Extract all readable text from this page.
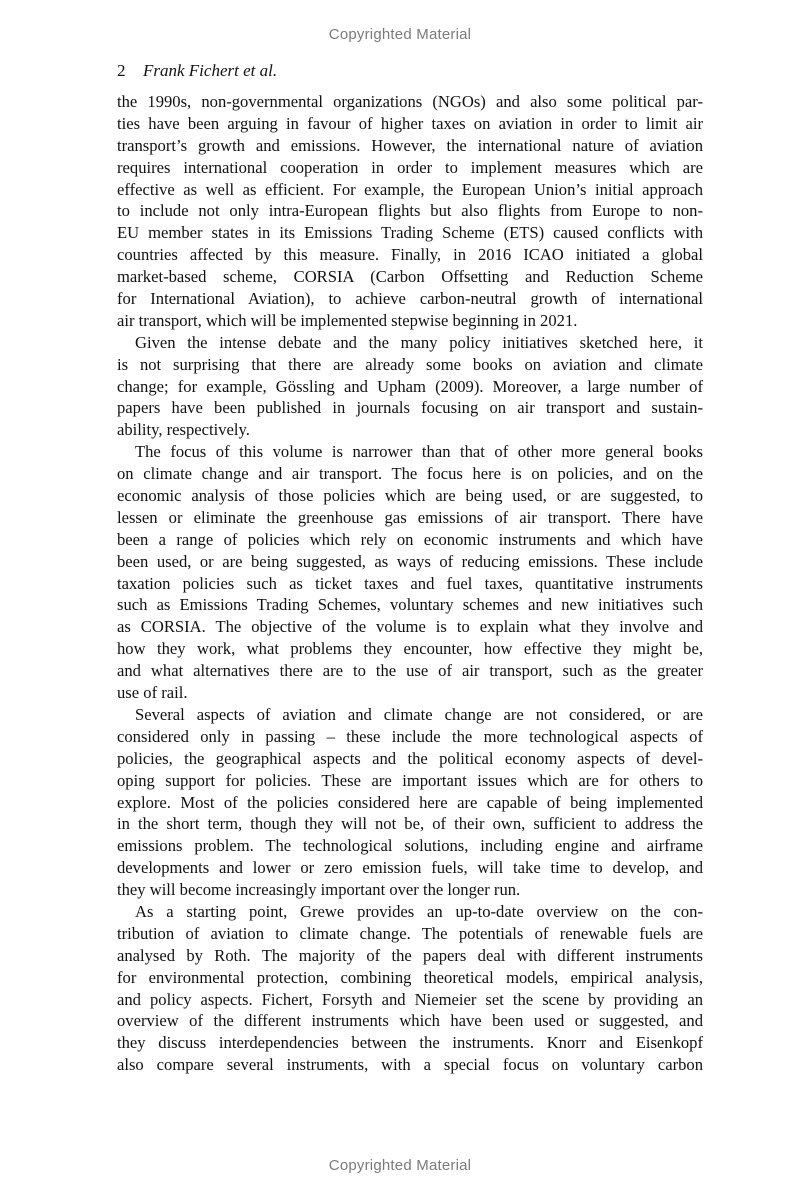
Copyrighted Material
2 Frank Fichert et al.
the 1990s, non-governmental organizations (NGOs) and also some political par-
ties have been arguing in favour of higher taxes on aviation in order to limit air
transport’s growth and emissions. However, the international nature of aviation
requires international cooperation in order to implement measures which are
effective as well as efficient. For example, the European Union’s initial approach
to include not only intra-European flights but also flights from Europe to non-
EU member states in its Emissions Trading Scheme (ETS) caused conflicts with
countries affected by this measure. Finally, in 2016 ICAO initiated a global
market-based scheme, CORSIA (Carbon Offsetting and Reduction Scheme
for International Aviation), to achieve carbon-neutral growth of international
air transport, which will be implemented stepwise beginning in 2021.
Given the intense debate and the many policy initiatives sketched here, it
is not surprising that there are already some books on aviation and climate
change; for example, Gössling and Upham (2009). Moreover, a large number of
papers have been published in journals focusing on air transport and sustain-
ability, respectively.
The focus of this volume is narrower than that of other more general books
on climate change and air transport. The focus here is on policies, and on the
economic analysis of those policies which are being used, or are suggested, to
lessen or eliminate the greenhouse gas emissions of air transport. There have
been a range of policies which rely on economic instruments and which have
been used, or are being suggested, as ways of reducing emissions. These include
taxation policies such as ticket taxes and fuel taxes, quantitative instruments
such as Emissions Trading Schemes, voluntary schemes and new initiatives such
as CORSIA. The objective of the volume is to explain what they involve and
how they work, what problems they encounter, how effective they might be,
and what alternatives there are to the use of air transport, such as the greater
use of rail.
Several aspects of aviation and climate change are not considered, or are
considered only in passing – these include the more technological aspects of
policies, the geographical aspects and the political economy aspects of devel-
oping support for policies. These are important issues which are for others to
explore. Most of the policies considered here are capable of being implemented
in the short term, though they will not be, of their own, sufficient to address the
emissions problem. The technological solutions, including engine and airframe
developments and lower or zero emission fuels, will take time to develop, and
they will become increasingly important over the longer run.
As a starting point, Grewe provides an up-to-date overview on the con-
tribution of aviation to climate change. The potentials of renewable fuels are
analysed by Roth. The majority of the papers deal with different instruments
for environmental protection, combining theoretical models, empirical analysis,
and policy aspects. Fichert, Forsyth and Niemeier set the scene by providing an
overview of the different instruments which have been used or suggested, and
they discuss interdependencies between the instruments. Knorr and Eisenkopf
also compare several instruments, with a special focus on voluntary carbon
Copyrighted Material
